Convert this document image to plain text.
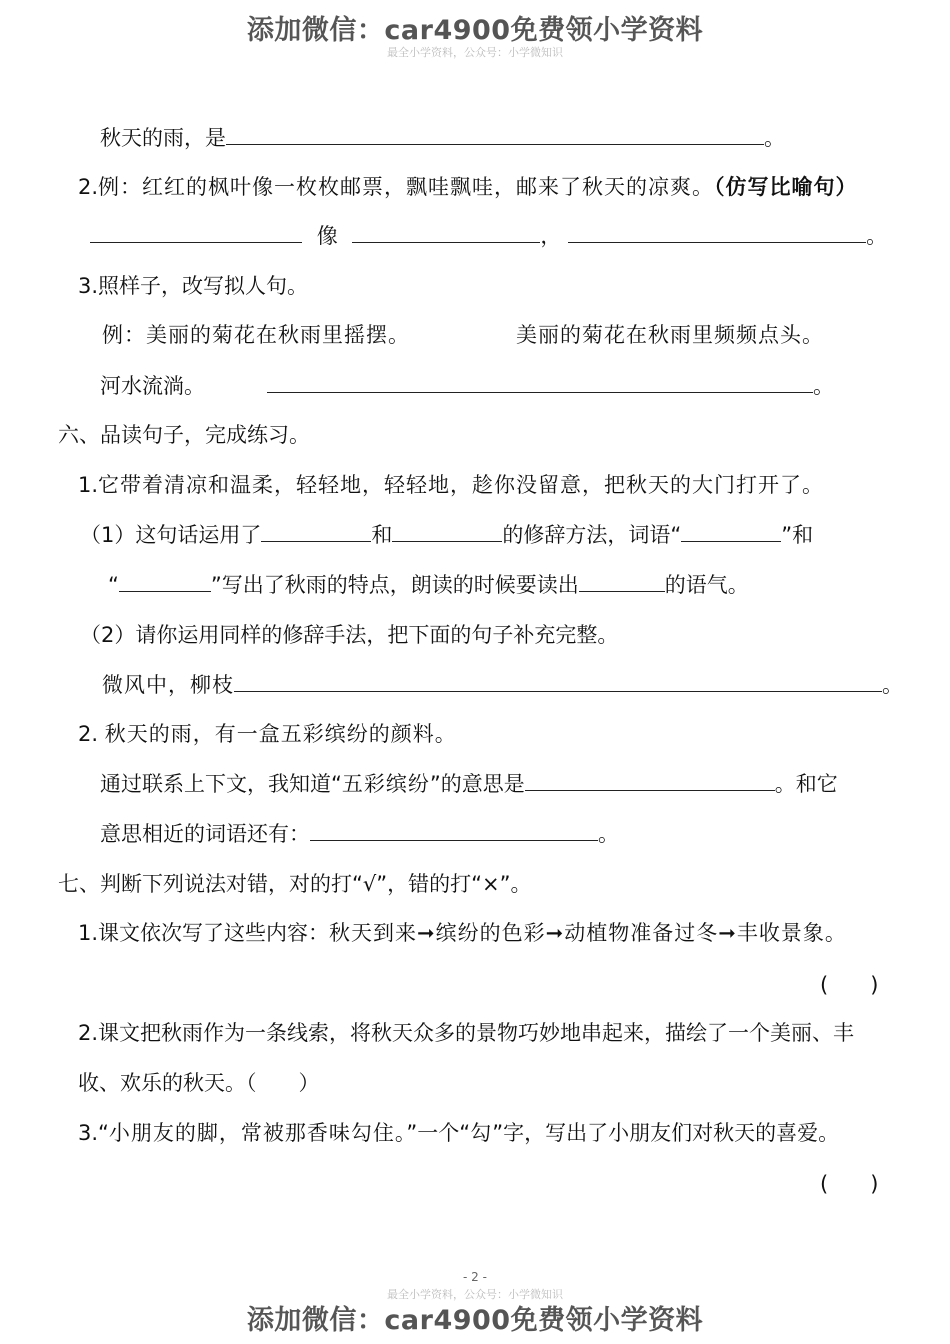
添加微信：car4900免费领小学资料
最全小学资料，公众号：小学微知识
秋天的雨，是	。
2.例：红红的枫叶像一枚枚邮票，飘哇飘哇，邮来了秋天的凉爽。（仿写比喻句）
像	，	。
3.照样子，改写拟人句。
例：美丽的菊花在秋雨里摇摆。	美丽的菊花在秋雨里频频点头。
河水流淌。	。
六、品读句子，完成练习。
1.它带着清凉和温柔，轻轻地，轻轻地，趁你没留意，把秋天的大门打开了。
（1）这句话运用了	和	的修辞方法，词语“	”和
“	”写出了秋雨的特点，朗读的时候要读出	的语气。
（2）请你运用同样的修辞手法，把下面的句子补充完整。
微风中，柳枝	。
2. 秋天的雨，有一盒五彩缤纷的颜料。
通过联系上下文，我知道“五彩缤纷”的意思是	。和它
意思相近的词语还有：	。
七、判断下列说法对错，对的打“√”，错的打“×”。
1.课文依次写了这些内容：秋天到来➞缤纷的色彩➞动植物准备过冬➞丰收景象。
(　　)
2.课文把秋雨作为一条线索，将秋天众多的景物巧妙地串起来，描绘了一个美丽、丰
收、欢乐的秋天。（　　）
3.“小朋友的脚，常被那香味勾住。”一个“勾”字，写出了小朋友们对秋天的喜爱。
(　　)
- 2 -
最全小学资料，公众号：小学微知识
添加微信：car4900免费领小学资料
